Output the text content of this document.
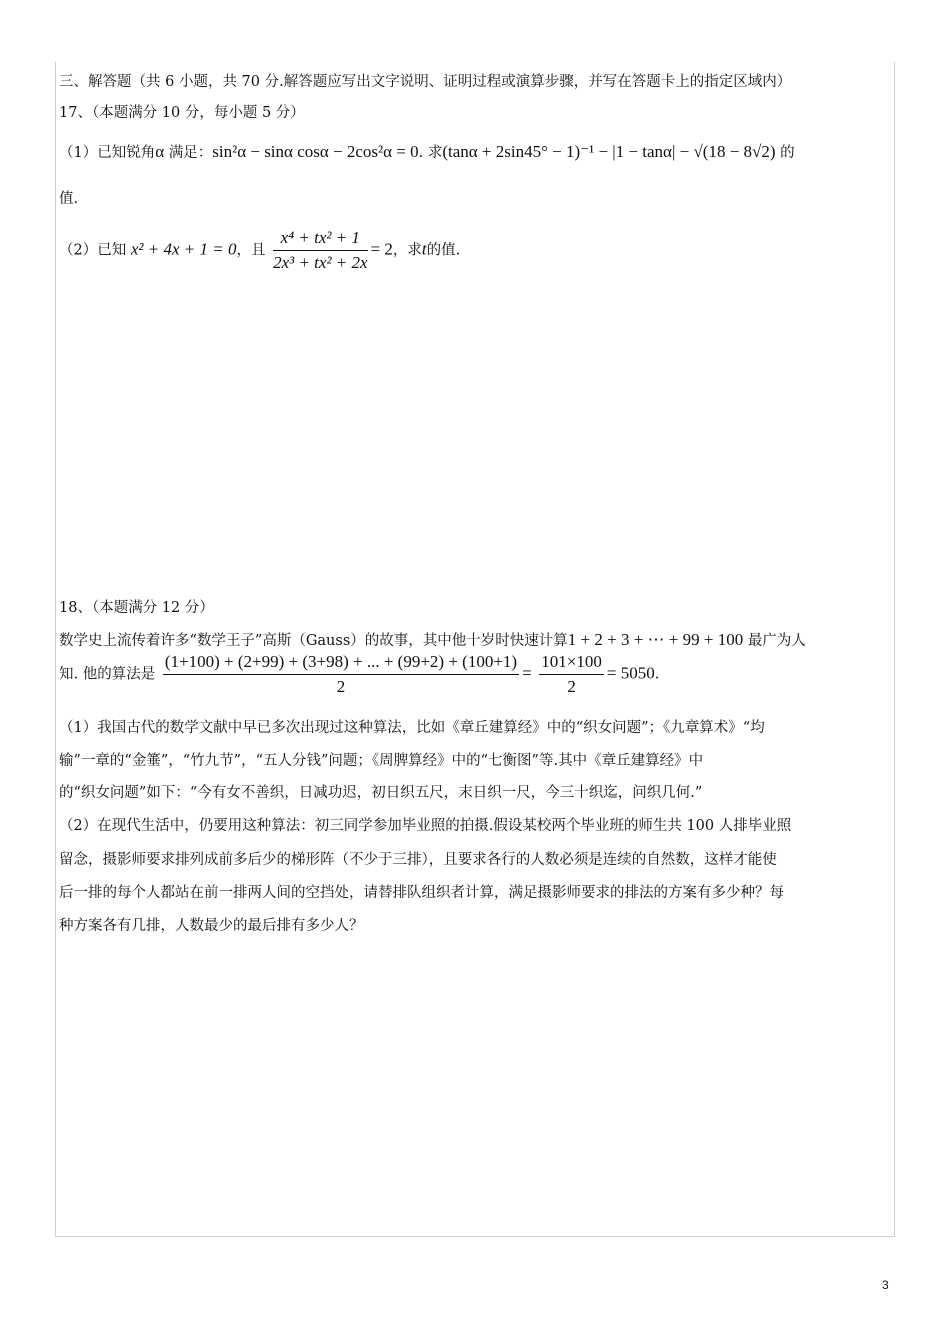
三、解答题（共 6 小题，共 70 分.解答题应写出文字说明、证明过程或演算步骤，并写在答题卡上的指定区域内）
17、（本题满分 10 分，每小题 5 分）
（1）已知锐角α 满足：sin²α − sinα cosα − 2cos²α = 0. 求(tanα + 2sin45° − 1)⁻¹ − |1 − tanα| − √(18 − 8√2) 的
值.
（2）已知 x² + 4x + 1 = 0，且 $\frac{\text{x⁴ + tx² + 1}}{\text{2x³ + tx² + 2x}} = 2$，求t的值.
18、（本题满分 12 分）
数学史上流传着许多“数学王子”高斯（Gauss）的故事，其中他十岁时快速计算1 + 2 + 3 + ⋯ + 99 + 100 最广为人
知. 他的算法是 $\frac{(1+100) + (2+99) + (3+98) + ... + (99+2) + (100+1)}{2} = \frac{101\times 100}{2} = 5050$.
（1）我国古代的数学文献中早已多次出现过这种算法，比如《章丘建算经》中的“织女问题”；《九章算术》“均
输”一章的“金箠”，“竹九节”，“五人分钱”问题；《周脾算经》中的“七衡图”等.其中《章丘建算经》中
的“织女问题”如下：“今有女不善织，日减功迟，初日织五尺，末日织一尺，今三十织迄，问织几何.”
（2）在现代生活中，仍要用这种算法：初三同学参加毕业照的拍摄.假设某校两个毕业班的师生共 100 人排毕业照
留念，摄影师要求排列成前多后少的梯形阵（不少于三排），且要求各行的人数必须是连续的自然数，这样才能使
后一排的每个人都站在前一排两人间的空挡处，请替排队组织者计算，满足摄影师要求的排法的方案有多少种？每
种方案各有几排，人数最少的最后排有多少人？
3
